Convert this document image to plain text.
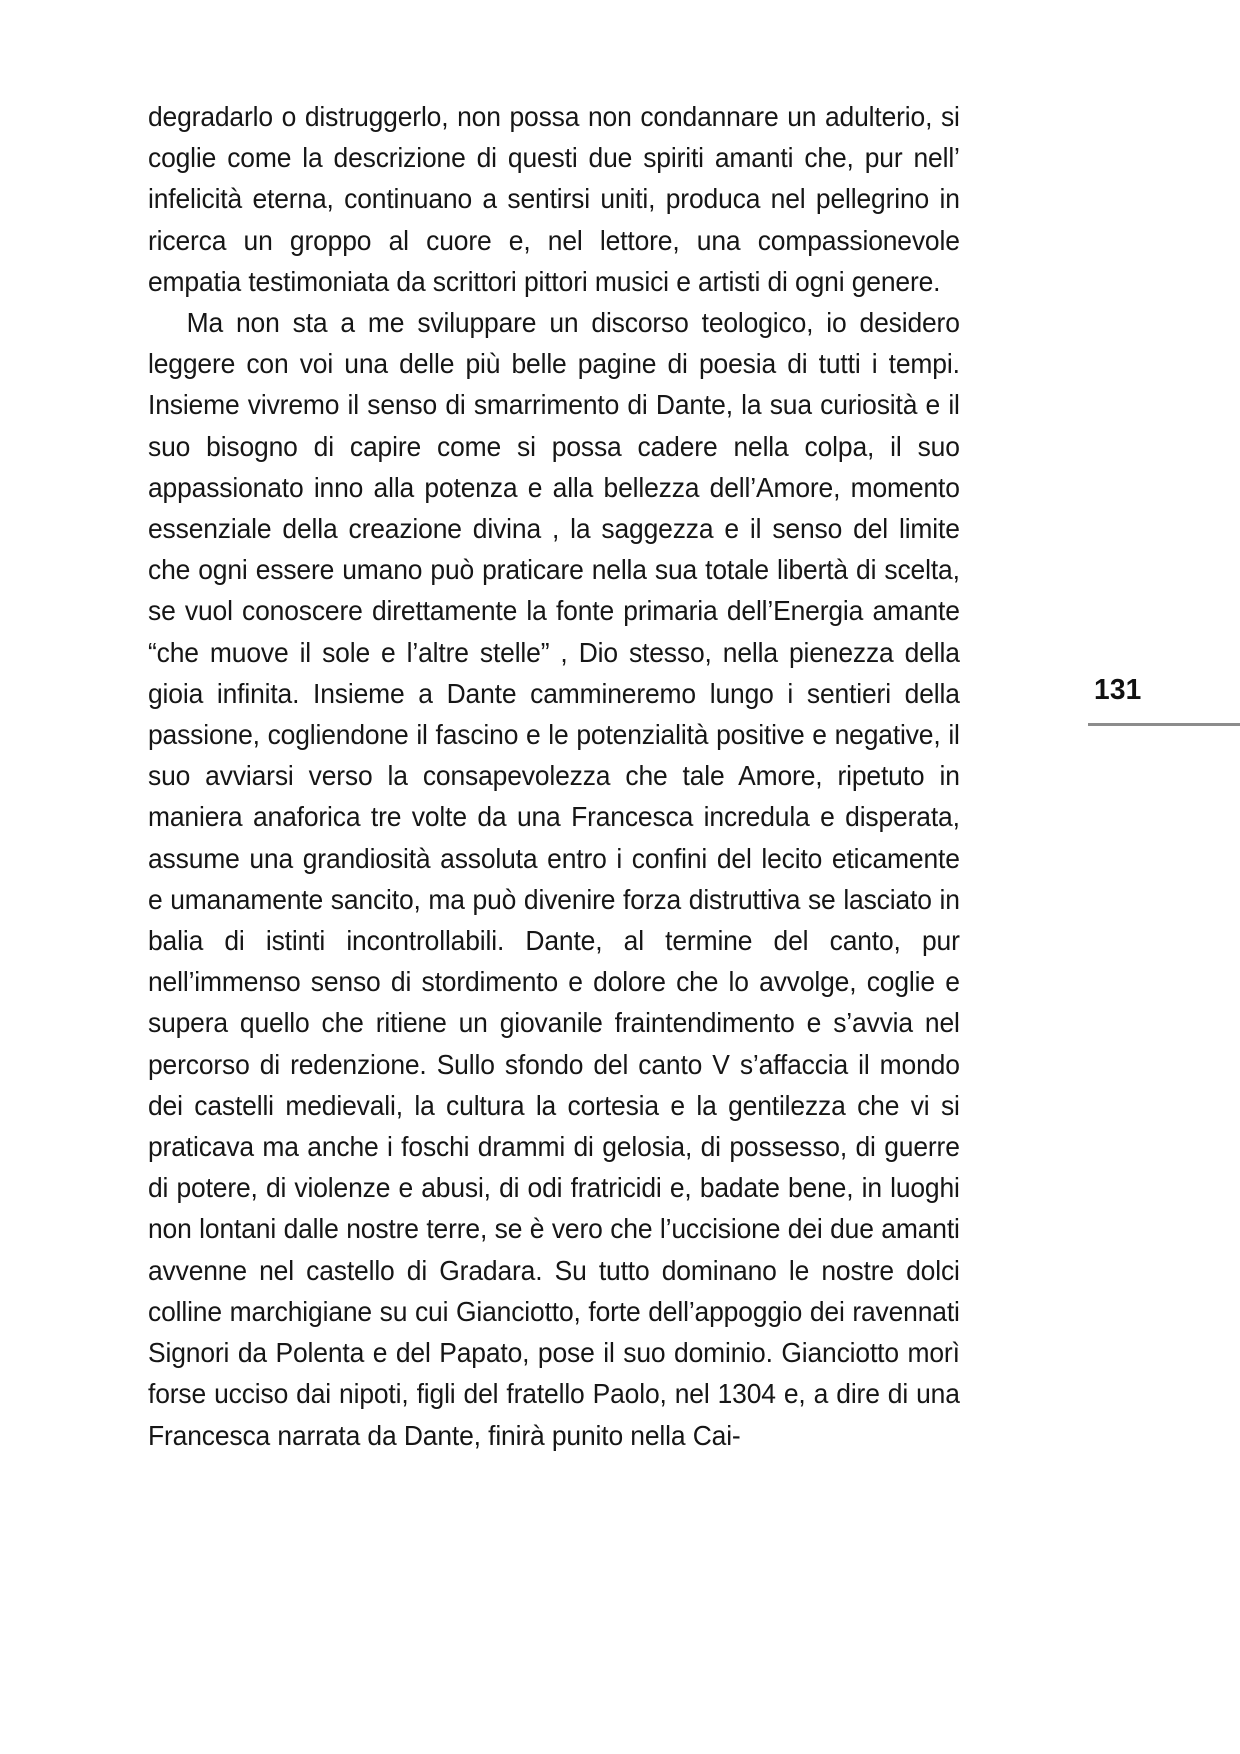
degradarlo o distruggerlo, non possa non condannare un adulterio, si coglie come la descrizione di questi due spiriti amanti che, pur nell’ infelicità eterna, continuano a sentirsi uniti, produca nel pellegrino in ricerca un groppo al cuore e, nel lettore, una compassionevole empatia testimoniata da scrittori pittori musici e artisti di ogni genere.

Ma non sta a me sviluppare un discorso teologico, io desidero leggere con voi una delle più belle pagine di poesia di tutti i tempi. Insieme vivremo il senso di smarrimento di Dante, la sua curiosità e il suo bisogno di capire come si possa cadere nella colpa, il suo appassionato inno alla potenza e alla bellezza dell’Amore, momento essenziale della creazione divina , la saggezza e il senso del limite che ogni essere umano può praticare nella sua totale libertà di scelta, se vuol conoscere direttamente la fonte primaria dell’Energia amante “che muove il sole e l’altre stelle” , Dio stesso, nella pienezza della gioia infinita. Insieme a Dante cammineremo lungo i sentieri della passione, cogliendone il fascino e le potenzialità positive e negative, il suo avviarsi verso la consapevolezza che tale Amore, ripetuto in maniera anaforica tre volte da una Francesca incredula e disperata, assume una grandiosità assoluta entro i confini del lecito eticamente e umanamente sancito, ma può divenire forza distruttiva se lasciato in balia di istinti incontrollabili. Dante, al termine del canto, pur nell’immenso senso di stordimento e dolore che lo avvolge, coglie e supera quello che ritiene un giovanile fraintendimento e s’avvia nel percorso di redenzione. Sullo sfondo del canto V s’affaccia il mondo dei castelli medievali, la cultura la cortesia e la gentilezza che vi si praticava ma anche i foschi drammi di gelosia, di possesso, di guerre di potere, di violenze e abusi, di odi fratricidi e, badate bene, in luoghi non lontani dalle nostre terre, se è vero che l’uccisione dei due amanti avvenne nel castello di Gradara. Su tutto dominano le nostre dolci colline marchigiane su cui Gianciotto, forte dell’appoggio dei ravennati Signori da Polenta e del Papato, pose il suo dominio. Gianciotto morì forse ucciso dai nipoti, figli del fratello Paolo, nel 1304 e, a dire di una Francesca narrata da Dante, finirà punito nella Cai-

131
